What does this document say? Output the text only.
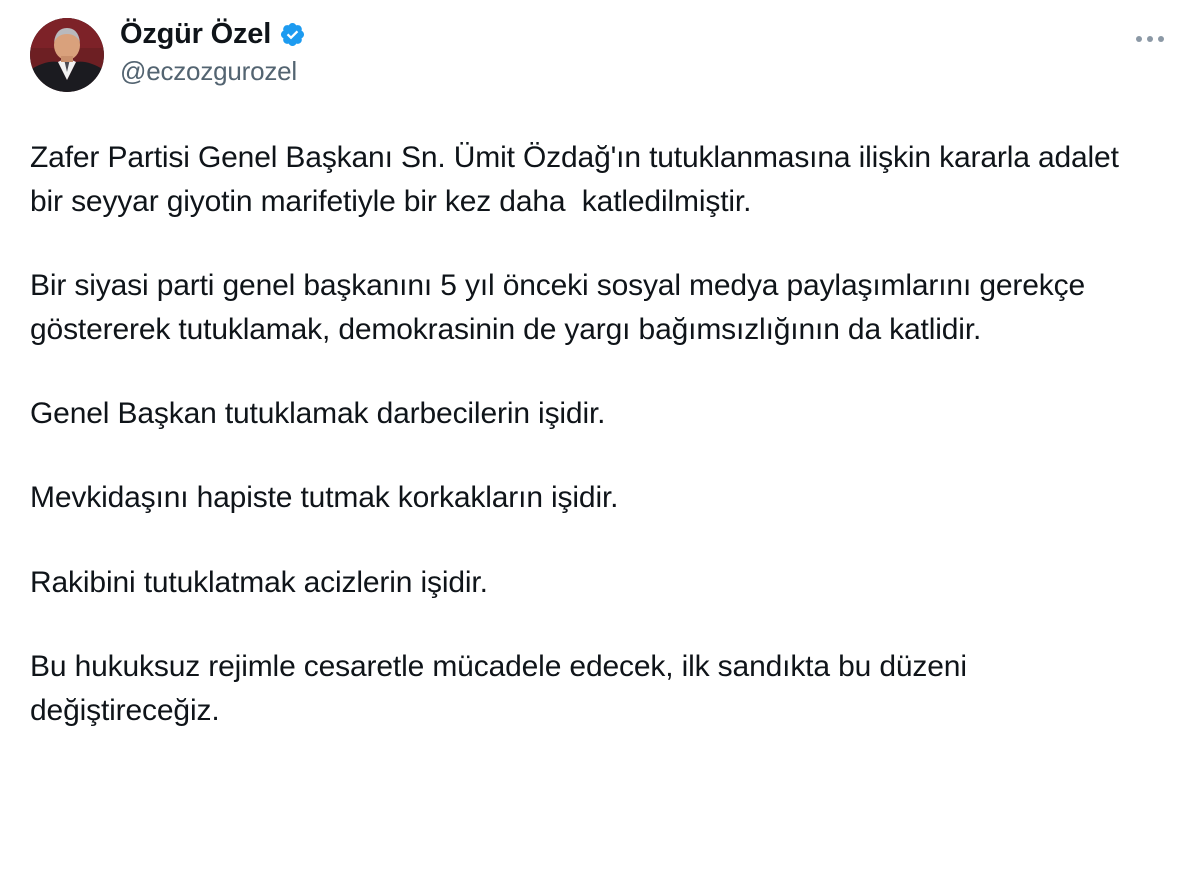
Özgür Özel
@eczozgurozel

Zafer Partisi Genel Başkanı Sn. Ümit Özdağ'ın tutuklanmasına ilişkin kararla adalet bir seyyar giyotin marifetiyle bir kez daha  katledilmiştir.

Bir siyasi parti genel başkanını 5 yıl önceki sosyal medya paylaşımlarını gerekçe göstererek tutuklamak, demokrasinin de yargı bağımsızlığının da katlidir.

Genel Başkan tutuklamak darbecilerin işidir.

Mevkidaşını hapiste tutmak korkakların işidir.

Rakibini tutuklatmak acizlerin işidir.

Bu hukuksuz rejimle cesaretle mücadele edecek, ilk sandıkta bu düzeni değiştireceğiz.
